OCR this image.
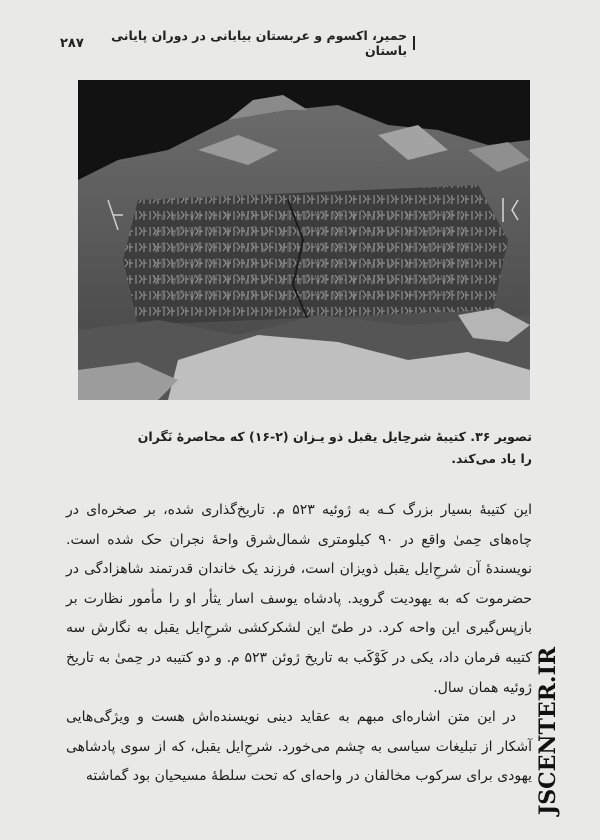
حمیر، اکسوم و عربستان بیابانی در دوران پایانی باستان
۲۸۷
تصویر ۳۶. کتیبهٔ شرحِایل یقبل ذو یـزان (۲-۱۶) که محاصرهٔ نَگران
را یاد می‌کند.

این کتیبهٔ بسیار بزرگ کـه به ژوئیه ۵۲۳ م. تاریخ‌گذاری شده، بر صخره‌ای در چاه‌های حِمیٰ واقع در ۹۰ کیلومتری شمال‌شرق واحهٔ نجران حک شده است. نویسندهٔ آن شرحِ‌ایل یقبل ذویزان است، فرزند یک خاندان قدرتمند شاهزادگی در حضرموت که به یهودیت گروید. پادشاه یوسف اسار یثأر او را مأمور نظارت بر بازپس‌گیری این واحه کرد. در طیّ این لشکرکشی شرحِ‌ایل یقبل به نگارش سه کتیبه فرمان داد، یکی در کَوْکَب به تاریخ ژوئن ۵۲۳ م. و دو کتیبه در حِمیٰ به تاریخ ژوئیه همان سال.

در این متن اشاره‌ای مبهم به عقاید دینی نویسنده‌اش هست و ویژگی‌هایی آشکار از تبلیغات سیاسی به چشم می‌خورد. شرحِ‌ایل یقبل، که از سوی پادشاهی یهودی برای سرکوب مخالفان در واحه‌ای که تحت سلطهٔ مسیحیان بود گماشته JSCENTER.IR
